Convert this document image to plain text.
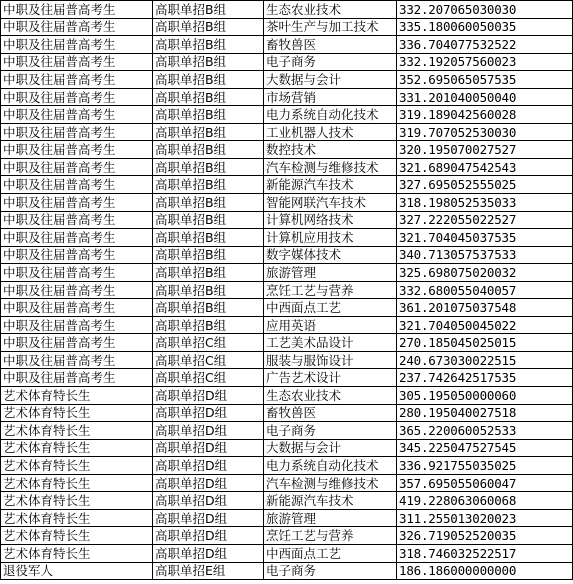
中职及往届普高考生	高职单招B组	生态农业技术	332.207065030030
中职及往届普高考生	高职单招B组	茶叶生产与加工技术	335.180060050035
中职及往届普高考生	高职单招B组	畜牧兽医	336.704077532522
中职及往届普高考生	高职单招B组	电子商务	332.192057560023
中职及往届普高考生	高职单招B组	大数据与会计	352.695065057535
中职及往届普高考生	高职单招B组	市场营销	331.201040050040
中职及往届普高考生	高职单招B组	电力系统自动化技术	319.189042560028
中职及往届普高考生	高职单招B组	工业机器人技术	319.707052530030
中职及往届普高考生	高职单招B组	数控技术	320.195070027527
中职及往届普高考生	高职单招B组	汽车检测与维修技术	321.689047542543
中职及往届普高考生	高职单招B组	新能源汽车技术	327.695052555025
中职及往届普高考生	高职单招B组	智能网联汽车技术	318.198052535033
中职及往届普高考生	高职单招B组	计算机网络技术	327.222055022527
中职及往届普高考生	高职单招B组	计算机应用技术	321.704045037535
中职及往届普高考生	高职单招B组	数字媒体技术	340.713057537533
中职及往届普高考生	高职单招B组	旅游管理	325.698075020032
中职及往届普高考生	高职单招B组	烹饪工艺与营养	332.680055040057
中职及往届普高考生	高职单招B组	中西面点工艺	361.201075037548
中职及往届普高考生	高职单招B组	应用英语	321.704050045022
中职及往届普高考生	高职单招C组	工艺美术品设计	270.185045025015
中职及往届普高考生	高职单招C组	服装与服饰设计	240.673030022515
中职及往届普高考生	高职单招C组	广告艺术设计	237.742642517535
艺术体育特长生	高职单招D组	生态农业技术	305.195050000060
艺术体育特长生	高职单招D组	畜牧兽医	280.195040027518
艺术体育特长生	高职单招D组	电子商务	365.220060052533
艺术体育特长生	高职单招D组	大数据与会计	345.225047527545
艺术体育特长生	高职单招D组	电力系统自动化技术	336.921755035025
艺术体育特长生	高职单招D组	汽车检测与维修技术	357.695055060047
艺术体育特长生	高职单招D组	新能源汽车技术	419.228063060068
艺术体育特长生	高职单招D组	旅游管理	311.255013020023
艺术体育特长生	高职单招D组	烹饪工艺与营养	326.719052520035
艺术体育特长生	高职单招D组	中西面点工艺	318.746032522517
退役军人	高职单招E组	电子商务	186.186000000000
